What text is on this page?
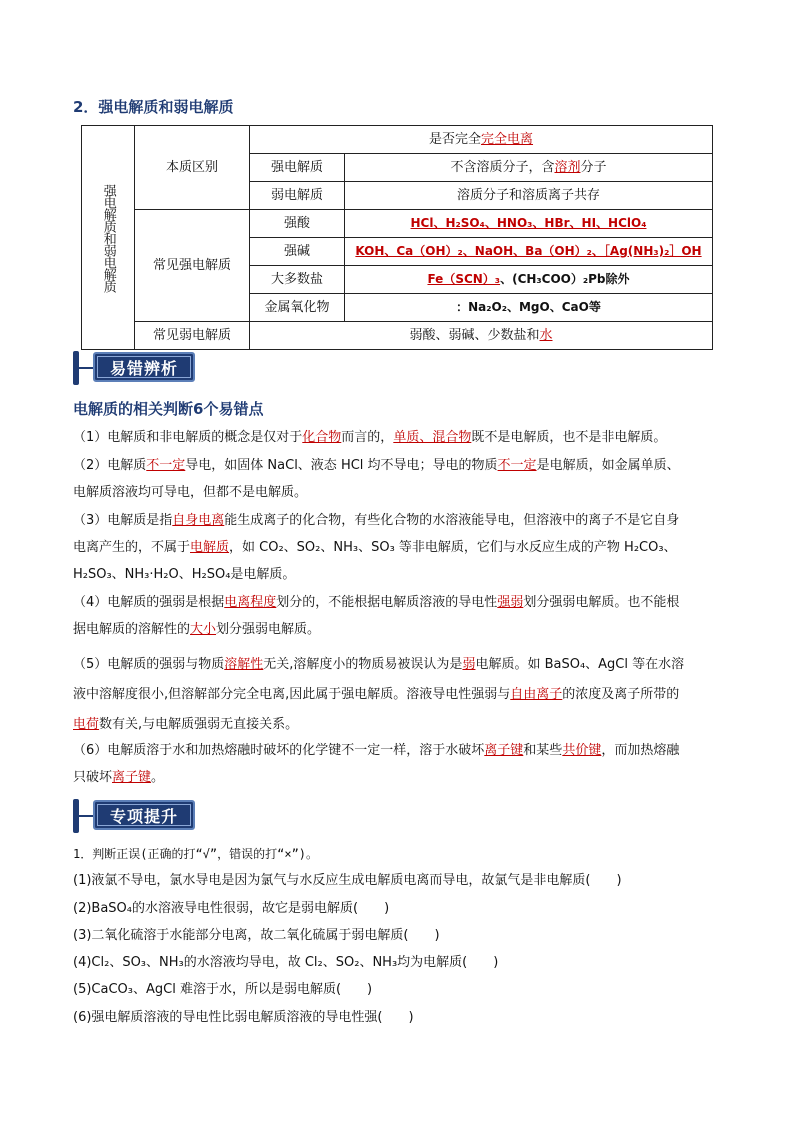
2．强电解质和弱电解质
强电解质和弱电解质	本质区别	是否完全完全电离	
		强电解质	不含溶质分子，含溶剂分子
		弱电解质	溶质分子和溶质离子共存
	常见强电解质	强酸	HCl、H₂SO₄、HNO₃、HBr、HI、HClO₄
		强碱	KOH、Ca（OH）₂、NaOH、Ba（OH）₂、［Ag(NH₃)₂］OH
		大多数盐	Fe（SCN）₃、(CH₃COO）₂Pb除外
		金属氧化物	：Na₂O₂、MgO、CaO等
	常见弱电解质	弱酸、弱碱、少数盐和水	
易错辨析
电解质的相关判断6个易错点

（1）电解质和非电解质的概念是仅对于化合物而言的，单质、混合物既不是电解质，也不是非电解质。

（2）电解质不一定导电，如固体 NaCl、液态 HCl 均不导电；导电的物质不一定是电解质，如金属单质、

电解质溶液均可导电，但都不是电解质。

（3）电解质是指自身电离能生成离子的化合物，有些化合物的水溶液能导电，但溶液中的离子不是它自身

电离产生的，不属于电解质，如 CO₂、SO₂、NH₃、SO₃ 等非电解质，它们与水反应生成的产物 H₂CO₃、

H₂SO₃、NH₃·H₂O、H₂SO₄是电解质。

（4）电解质的强弱是根据电离程度划分的，不能根据电解质溶液的导电性强弱划分强弱电解质。也不能根

据电解质的溶解性的大小划分强弱电解质。

（5）电解质的强弱与物质溶解性无关,溶解度小的物质易被误认为是弱电解质。如 BaSO₄、AgCl 等在水溶

液中溶解度很小,但溶解部分完全电离,因此属于强电解质。溶液导电性强弱与自由离子的浓度及离子所带的

电荷数有关,与电解质强弱无直接关系。

（6）电解质溶于水和加热熔融时破坏的化学键不一定一样，溶于水破坏离子键和某些共价键，而加热熔融

只破坏离子键。

专项提升
1．判断正误(正确的打“√”，错误的打“×”)。
(1)液氯不导电，氯水导电是因为氯气与水反应生成电解质电离而导电，故氯气是非电解质(　　)
(2)BaSO₄的水溶液导电性很弱，故它是弱电解质(　　)
(3)二氧化硫溶于水能部分电离，故二氧化硫属于弱电解质(　　)
(4)Cl₂、SO₃、NH₃的水溶液均导电，故 Cl₂、SO₂、NH₃均为电解质(　　)
(5)CaCO₃、AgCl 难溶于水，所以是弱电解质(　　)
(6)强电解质溶液的导电性比弱电解质溶液的导电性强(　　)
